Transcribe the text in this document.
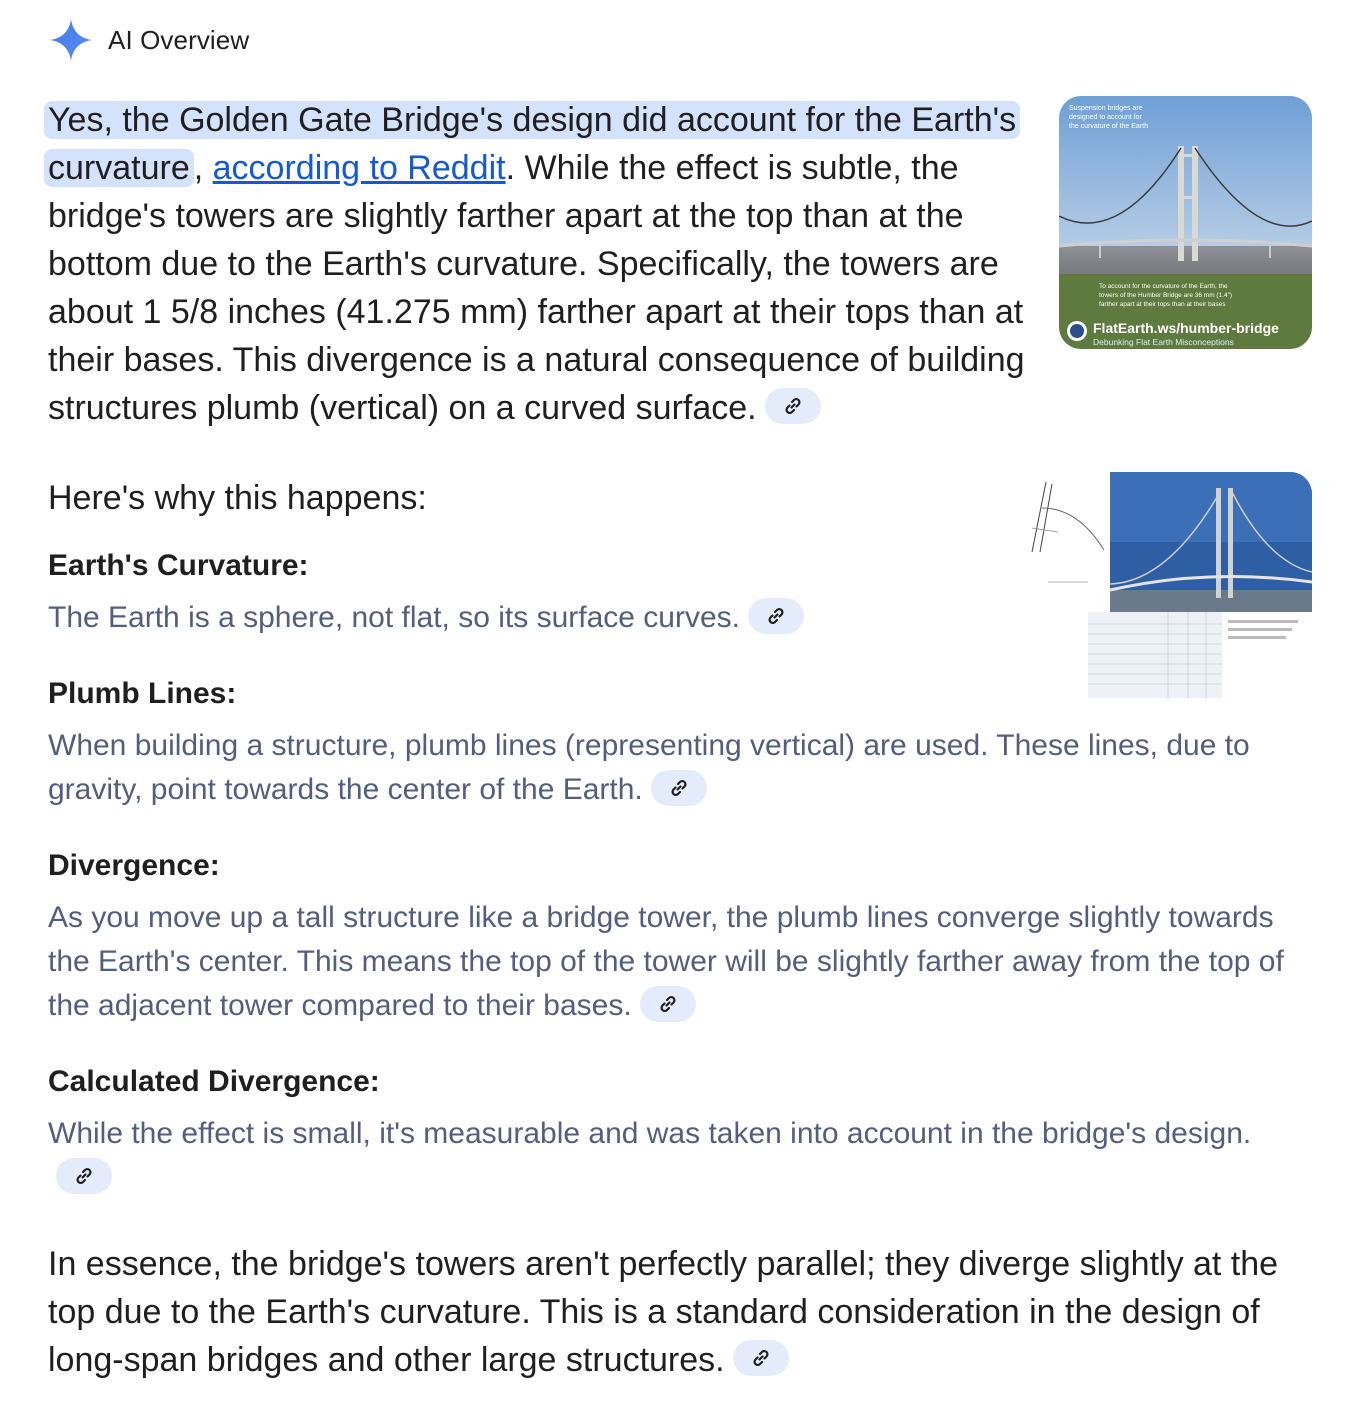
AI Overview
Yes, the Golden Gate Bridge's design did account for the Earth's curvature , according to Reddit. While the effect is subtle, the bridge's towers are slightly farther apart at the top than at the bottom due to the Earth's curvature. Specifically, the towers are about 1 5/8 inches (41.275 mm) farther apart at their tops than at their bases. This divergence is a natural consequence of building structures plumb (vertical) on a curved surface.
Suspension bridges are
designed to account for
the curvature of the Earth
To account for the curvature of the Earth, the
towers of the Humber Bridge are 36 mm (1.4")
farther apart at their tops than at their bases
FlatEarth.ws/humber-bridge
Debunking Flat Earth Misconceptions
Here's why this happens:
Earth's Curvature:
The Earth is a sphere, not flat, so its surface curves.
Plumb Lines:
When building a structure, plumb lines (representing vertical) are used. These lines, due to gravity, point towards the center of the Earth.
Divergence:
As you move up a tall structure like a bridge tower, the plumb lines converge slightly towards the Earth's center. This means the top of the tower will be slightly farther away from the top of the adjacent tower compared to their bases.
Calculated Divergence:
While the effect is small, it's measurable and was taken into account in the bridge's design.
In essence, the bridge's towers aren't perfectly parallel; they diverge slightly at the top due to the Earth's curvature. This is a standard consideration in the design of long-span bridges and other large structures.
